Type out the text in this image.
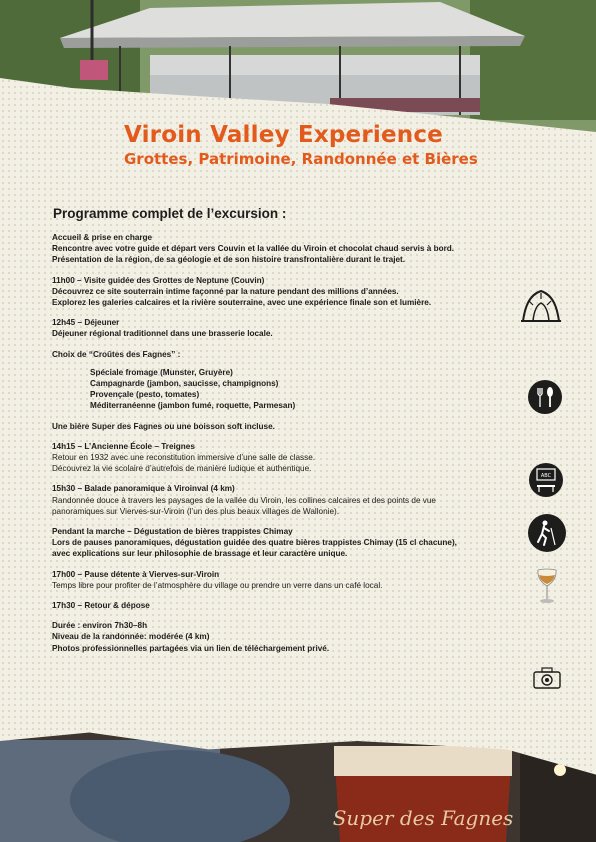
Super des Fagnes
Viroin Valley Experience
Grottes, Patrimoine, Randonnée et Bières
Programme complet de l’excursion :

Accueil & prise en charge

Rencontre avec votre guide et départ vers Couvin et la vallée du Viroin et chocolat chaud servis à bord.

Présentation de la région, de sa géologie et de son histoire transfrontalière durant le trajet.

11h00 – Visite guidée des Grottes de Neptune (Couvin)

Découvrez ce site souterrain intime façonné par la nature pendant des millions d’années.

Explorez les galeries calcaires et la rivière souterraine, avec une expérience finale son et lumière.

12h45 – Déjeuner

Déjeuner régional traditionnel dans une brasserie locale.

Choix de “Croûtes des Fagnes” :

Spéciale fromage (Munster, Gruyère)

Campagnarde (jambon, saucisse, champignons)

Provençale (pesto, tomates)

Méditerranéenne (jambon fumé, roquette, Parmesan)

Une bière Super des Fagnes ou une boisson soft incluse.

14h15 – L’Ancienne École – Treignes

Retour en 1932 avec une reconstitution immersive d’une salle de classe.

Découvrez la vie scolaire d’autrefois de manière ludique et authentique.

15h30 – Balade panoramique à Viroinval (4 km)

Randonnée douce à travers les paysages de la vallée du Viroin, les collines calcaires et des points de vue

panoramiques sur Vierves-sur-Viroin (l’un des plus beaux villages de Wallonie).

Pendant la marche – Dégustation de bières trappistes Chimay

Lors de pauses panoramiques, dégustation guidée des quatre bières trappistes Chimay (15 cl chacune),

avec explications sur leur philosophie de brassage et leur caractère unique.

17h00 – Pause détente à Vierves-sur-Viroin

Temps libre pour profiter de l’atmosphère du village ou prendre un verre dans un café local.

17h30 – Retour & dépose

Durée : environ 7h30–8h

Niveau de la randonnée: modérée (4 km)

Photos professionnelles partagées via un lien de téléchargement privé.

ABC
